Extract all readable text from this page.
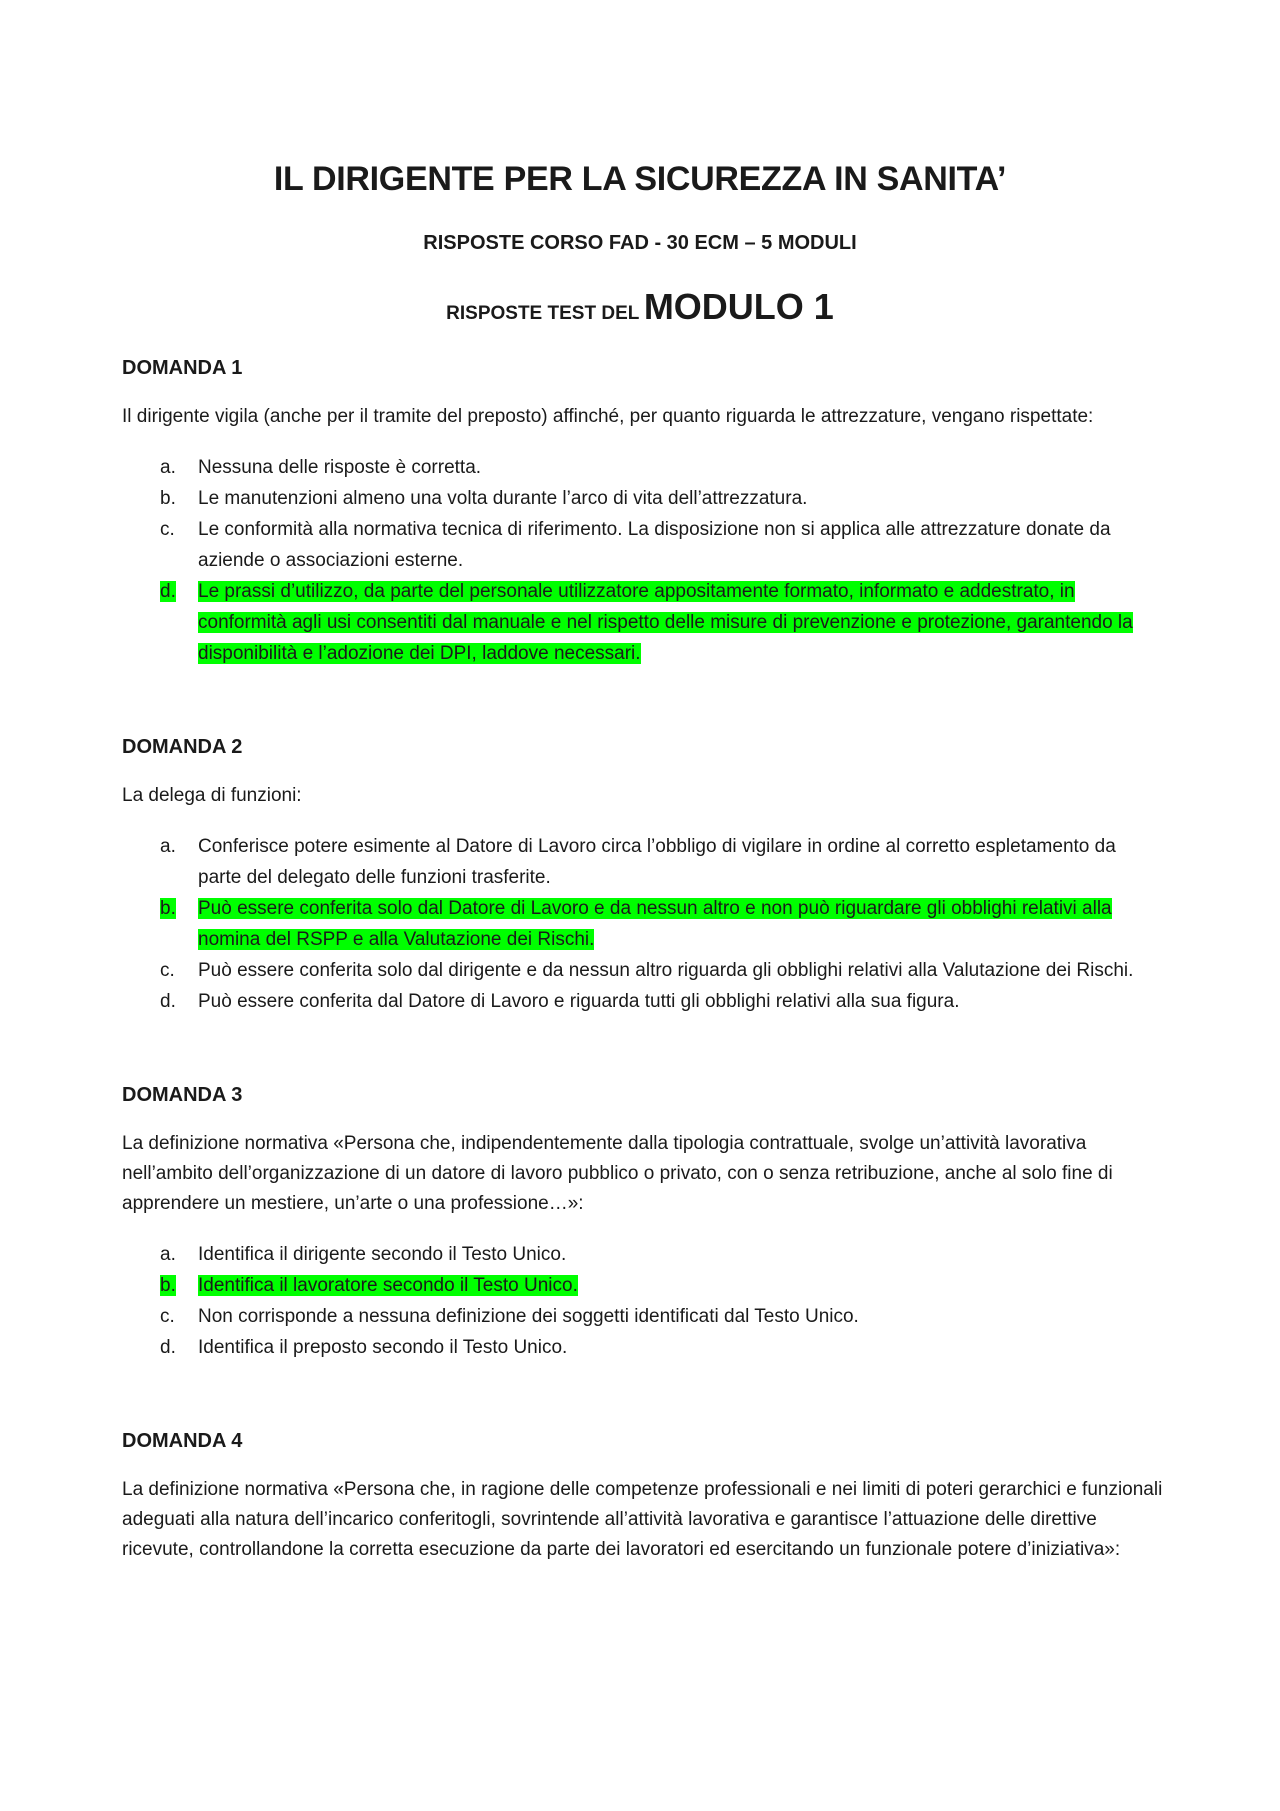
IL DIRIGENTE PER LA SICUREZZA IN SANITA’
RISPOSTE CORSO FAD - 30 ECM – 5 MODULI
RISPOSTE TEST DEL MODULO 1
DOMANDA 1
Il dirigente vigila (anche per il tramite del preposto) affinché, per quanto riguarda le attrezzature, vengano rispettate:
a.	Nessuna delle risposte è corretta.
b.	Le manutenzioni almeno una volta durante l’arco di vita dell’attrezzatura.
c.	Le conformità alla normativa tecnica di riferimento. La disposizione non si applica alle attrezzature donate da aziende o associazioni esterne.
d.	Le prassi d’utilizzo, da parte del personale utilizzatore appositamente formato, informato e addestrato, in conformità agli usi consentiti dal manuale e nel rispetto delle misure di prevenzione e protezione, garantendo la disponibilità e l’adozione dei DPI, laddove necessari.
DOMANDA 2
La delega di funzioni:
a.	Conferisce potere esimente al Datore di Lavoro circa l’obbligo di vigilare in ordine al corretto espletamento da parte del delegato delle funzioni trasferite.
b.	Può essere conferita solo dal Datore di Lavoro e da nessun altro e non può riguardare gli obblighi relativi alla nomina del RSPP e alla Valutazione dei Rischi.
c.	Può essere conferita solo dal dirigente e da nessun altro riguarda gli obblighi relativi alla Valutazione dei Rischi.
d.	Può essere conferita dal Datore di Lavoro e riguarda tutti gli obblighi relativi alla sua figura.
DOMANDA 3
La definizione normativa «Persona che, indipendentemente dalla tipologia contrattuale, svolge un’attività lavorativa nell’ambito dell’organizzazione di un datore di lavoro pubblico o privato, con o senza retribuzione, anche al solo fine di apprendere un mestiere, un’arte o una professione…»:
a.	Identifica il dirigente secondo il Testo Unico.
b.	Identifica il lavoratore secondo il Testo Unico.
c.	Non corrisponde a nessuna definizione dei soggetti identificati dal Testo Unico.
d.	Identifica il preposto secondo il Testo Unico.
DOMANDA 4
La definizione normativa «Persona che, in ragione delle competenze professionali e nei limiti di poteri gerarchici e funzionali adeguati alla natura dell’incarico conferitogli, sovrintende all’attività lavorativa e garantisce l’attuazione delle direttive ricevute, controllandone la corretta esecuzione da parte dei lavoratori ed esercitando un funzionale potere d’iniziativa»:
